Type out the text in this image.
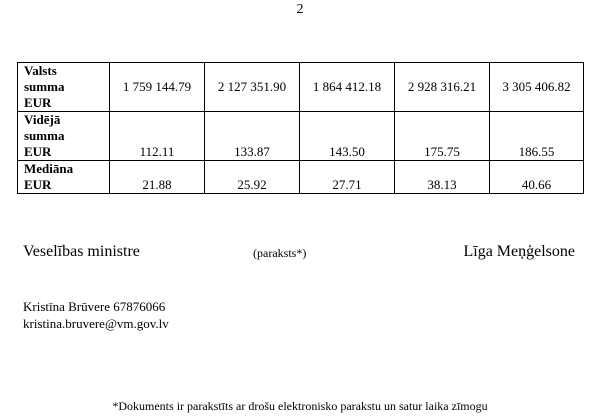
2
Valsts
summa
EUR	1 759 144.79	2 127 351.90	1 864 412.18	2 928 316.21	3 305 406.82

Vidējā
summa
EUR	112.11	133.87	143.50	175.75	186.55

Mediāna
EUR	21.88	25.92	27.71	38.13	40.66
Veselības ministre	(paraksts*)	Līga Meņģelsone
Kristīna Brūvere 67876066
kristina.bruvere@vm.gov.lv
*Dokuments ir parakstīts ar drošu elektronisko parakstu un satur laika zīmogu
